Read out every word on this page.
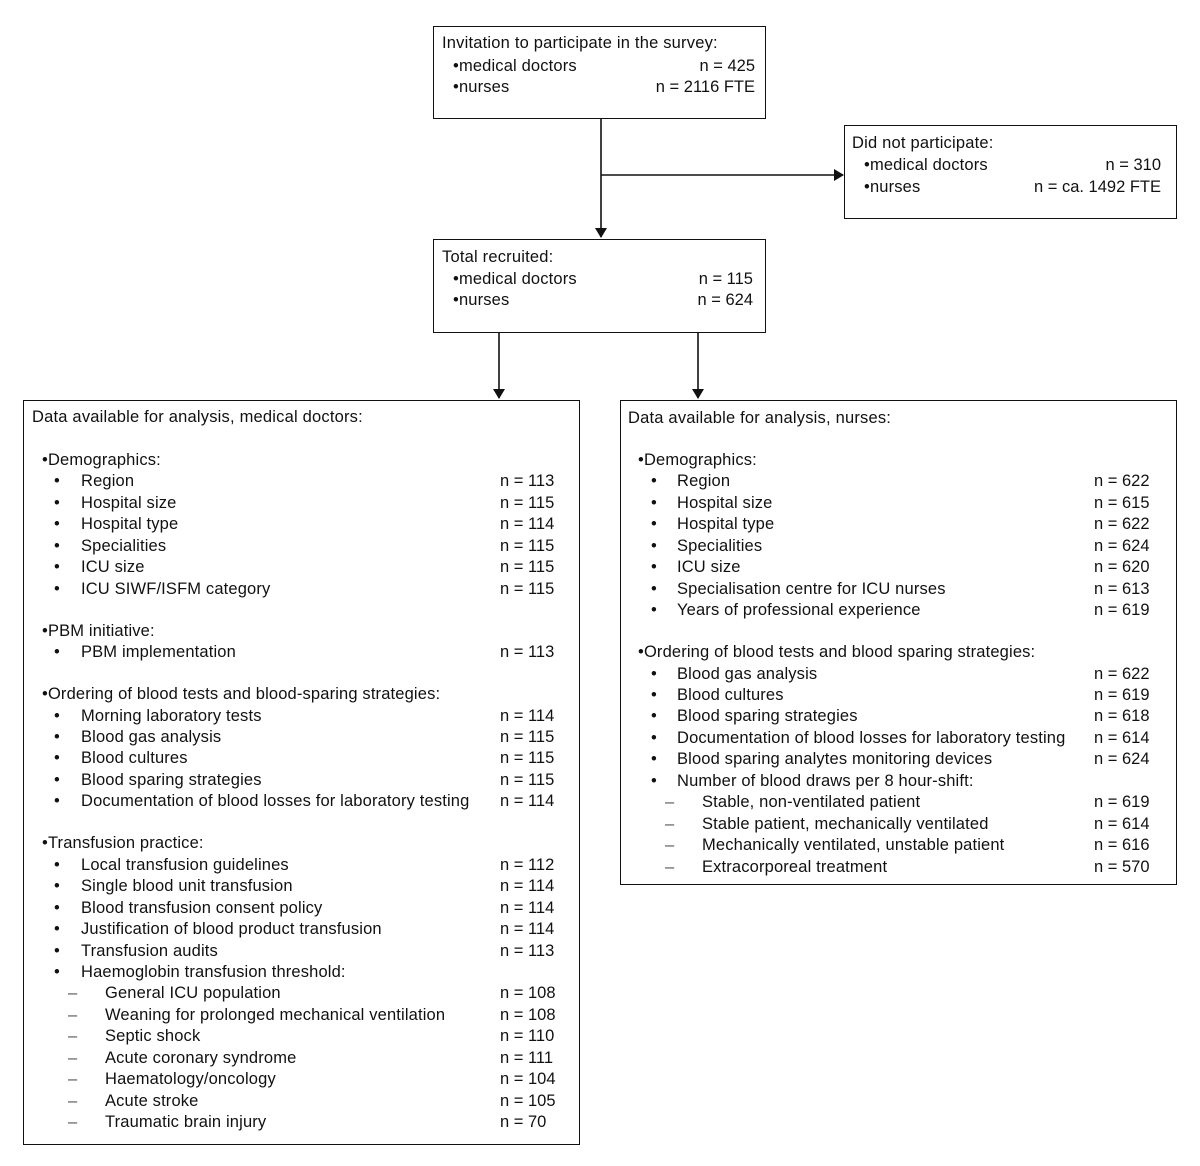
Invitation to participate in the survey:
•medical doctors	n = 425
•nurses	n = 2116 FTE
Did not participate:
•medical doctors	n = 310
•nurses	n = ca. 1492 FTE
Total recruited:
•medical doctors	n = 115
•nurses	n = 624
Data available for analysis, medical doctors:
•Demographics:
• Region	n = 113
• Hospital size	n = 115
• Hospital type	n = 114
• Specialities	n = 115
• ICU size	n = 115
• ICU SIWF/ISFM category	n = 115
•PBM initiative:
• PBM implementation	n = 113
•Ordering of blood tests and blood-sparing strategies:
• Morning laboratory tests	n = 114
• Blood gas analysis	n = 115
• Blood cultures	n = 115
• Blood sparing strategies	n = 115
• Documentation of blood losses for laboratory testing n = 114
•Transfusion practice:
• Local transfusion guidelines	n = 112
• Single blood unit transfusion	n = 114
• Blood transfusion consent policy	n = 114
• Justification of blood product transfusion	n = 114
• Transfusion audits	n = 113
• Haemoglobin transfusion threshold:
– General ICU population	n = 108
– Weaning for prolonged mechanical ventilation	n = 108
– Septic shock	n = 110
– Acute coronary syndrome	n = 111
– Haematology/oncology	n = 104
– Acute stroke	n = 105
– Traumatic brain injury	n = 70
Data available for analysis, nurses:
•Demographics:
• Region	n = 622
• Hospital size	n = 615
• Hospital type	n = 622
• Specialities	n = 624
• ICU size	n = 620
• Specialisation centre for ICU nurses	n = 613
• Years of professional experience	n = 619
•Ordering of blood tests and blood sparing strategies:
• Blood gas analysis	n = 622
• Blood cultures	n = 619
• Blood sparing strategies	n = 618
• Documentation of blood losses for laboratory testing n = 614
• Blood sparing analytes monitoring devices	n = 624
• Number of blood draws per 8 hour-shift:
– Stable, non-ventilated patient	n = 619
– Stable patient, mechanically ventilated	n = 614
– Mechanically ventilated, unstable patient	n = 616
– Extracorporeal treatment	n = 570
